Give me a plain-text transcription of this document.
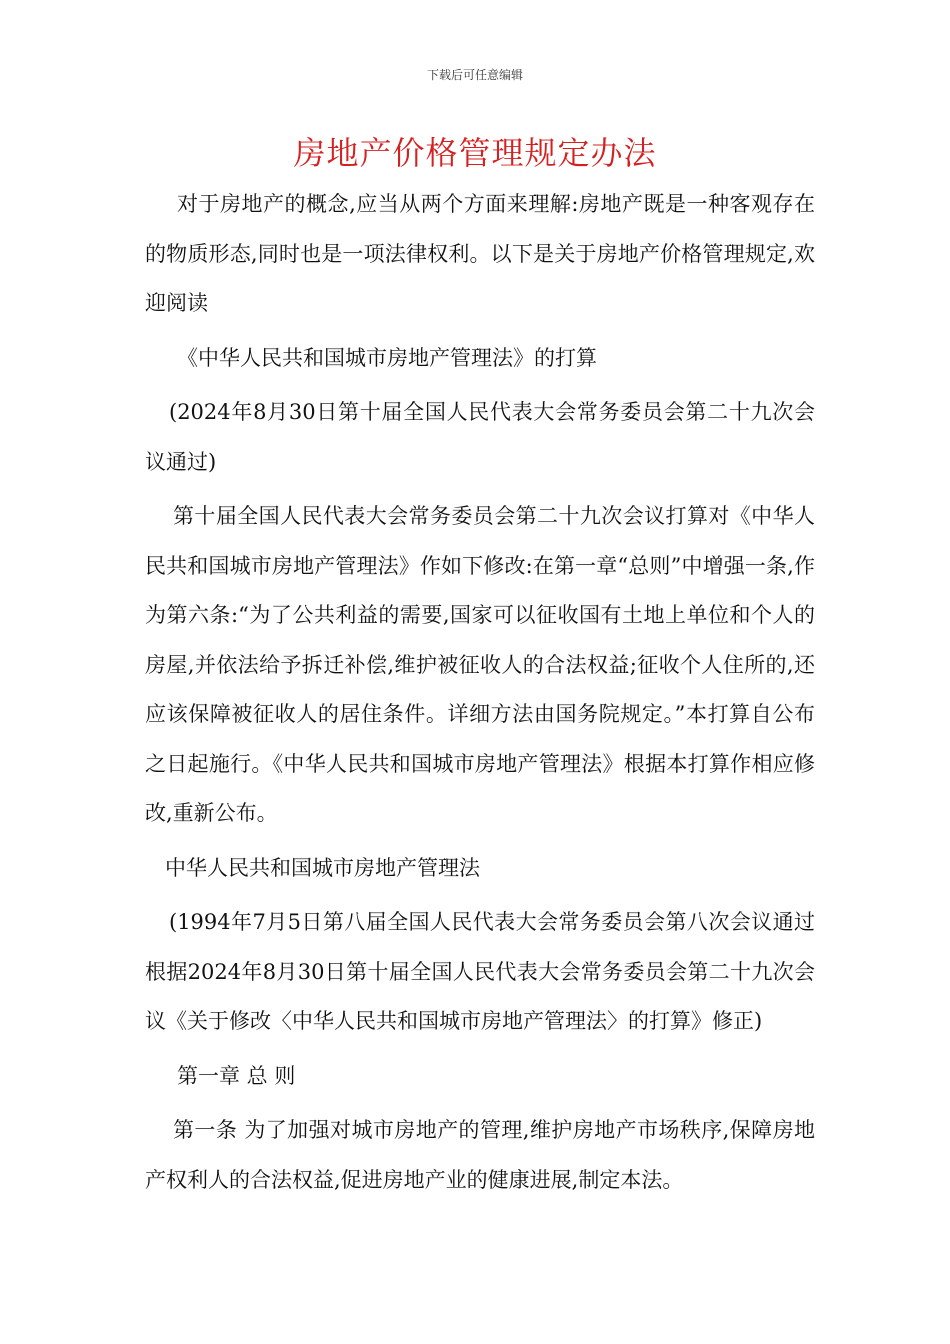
下载后可任意编辑
房地产价格管理规定办法

对于房地产的概念,应当从两个方面来理解:房地产既是一种客观存在的物质形态,同时也是一项法律权利。以下是关于房地产价格管理规定,欢迎阅读

《中华人民共和国城市房地产管理法》的打算

(2024年8月30日第十届全国人民代表大会常务委员会第二十九次会议通过)

第十届全国人民代表大会常务委员会第二十九次会议打算对《中华人民共和国城市房地产管理法》作如下修改:在第一章“总则”中增强一条,作为第六条:“为了公共利益的需要,国家可以征收国有土地上单位和个人的房屋,并依法给予拆迁补偿,维护被征收人的合法权益;征收个人住所的,还应该保障被征收人的居住条件。详细方法由国务院规定。”本打算自公布之日起施行。《中华人民共和国城市房地产管理法》根据本打算作相应修改,重新公布。

中华人民共和国城市房地产管理法

(1994年7月5日第八届全国人民代表大会常务委员会第八次会议通过 根据2024年8月30日第十届全国人民代表大会常务委员会第二十九次会议《关于修改〈中华人民共和国城市房地产管理法〉的打算》修正)

第一章 总 则

第一条 为了加强对城市房地产的管理,维护房地产市场秩序,保障房地产权利人的合法权益,促进房地产业的健康进展,制定本法。
